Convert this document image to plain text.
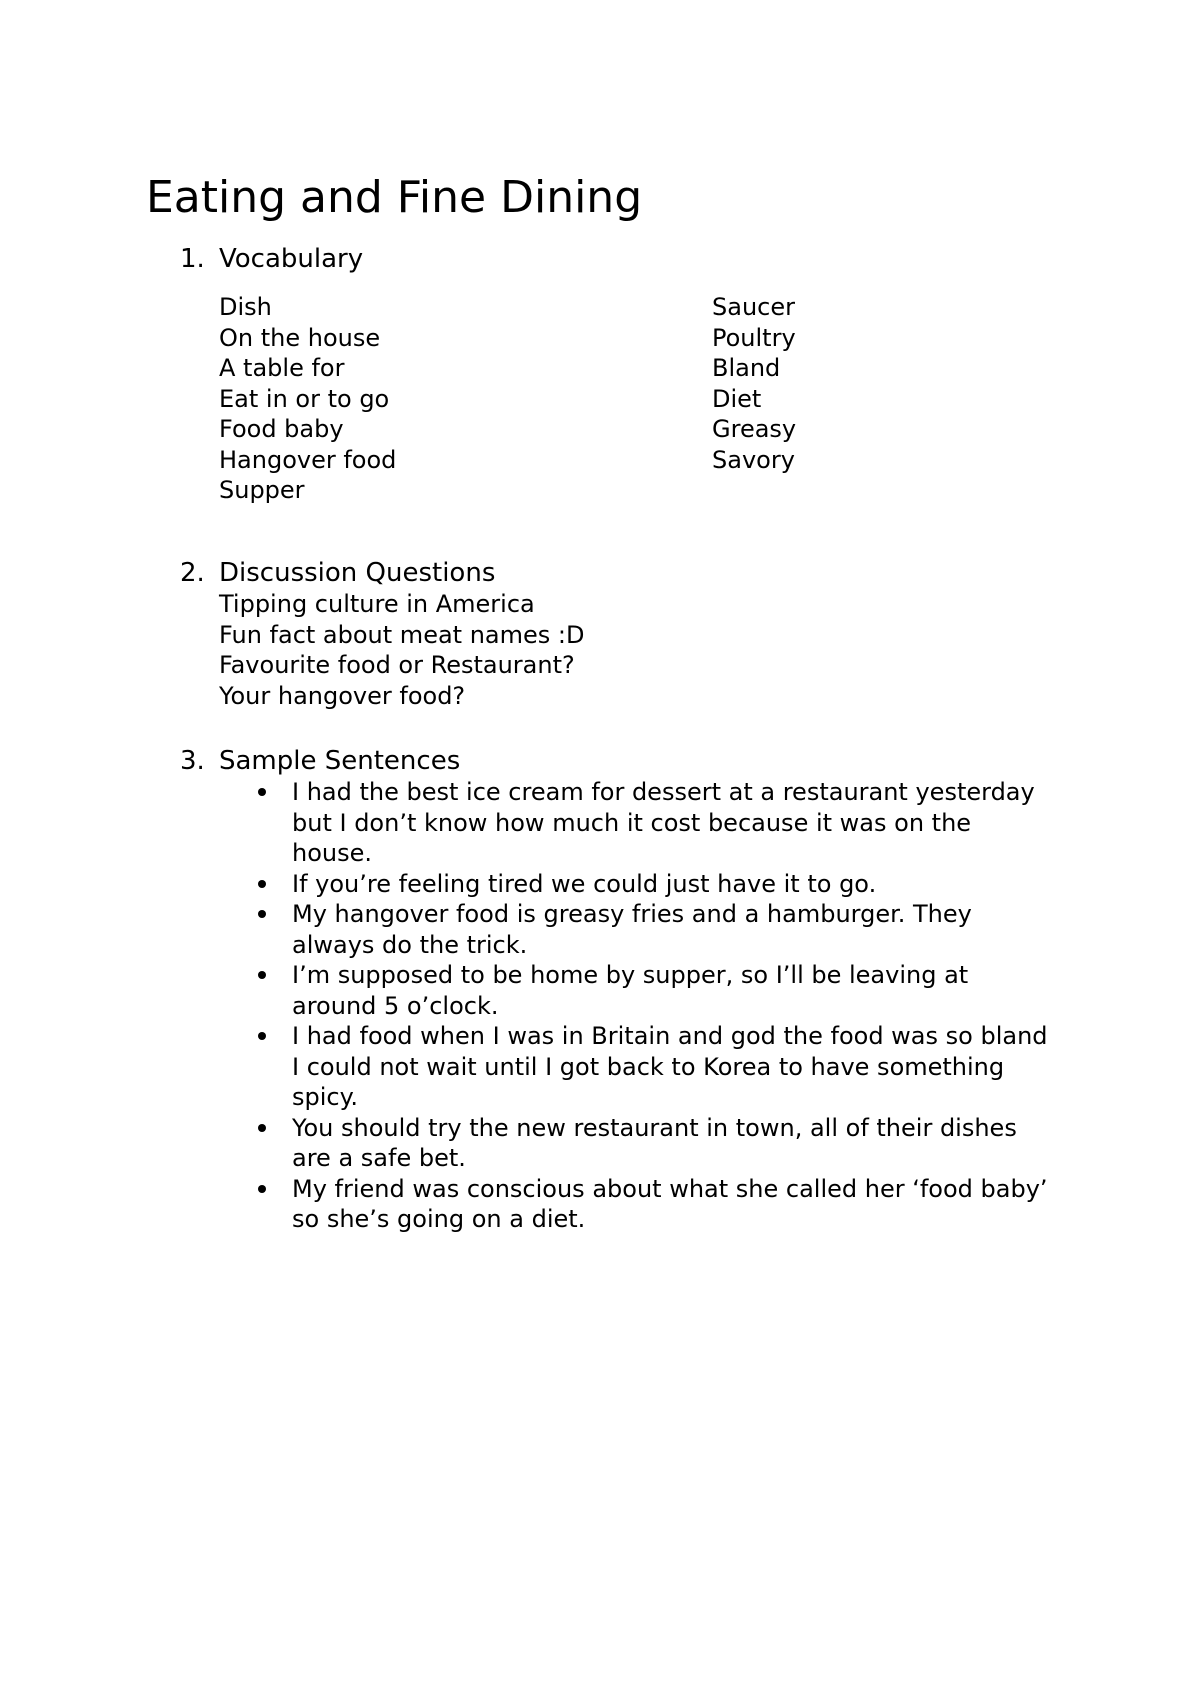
Eating and Fine Dining
1. Vocabulary
Dish
On the house
A table for
Eat in or to go
Food baby
Hangover food
Supper
Saucer
Poultry
Bland
Diet
Greasy
Savory
2. Discussion Questions
Tipping culture in America
Fun fact about meat names :D
Favourite food or Restaurant?
Your hangover food?
3. Sample Sentences
I had the best ice cream for dessert at a restaurant yesterday
but I don’t know how much it cost because it was on the
house.
If you’re feeling tired we could just have it to go.
My hangover food is greasy fries and a hamburger. They
always do the trick.
I’m supposed to be home by supper, so I’ll be leaving at
around 5 o’clock.
I had food when I was in Britain and god the food was so bland
I could not wait until I got back to Korea to have something
spicy.
You should try the new restaurant in town, all of their dishes
are a safe bet.
My friend was conscious about what she called her ‘food baby’
so she’s going on a diet.
